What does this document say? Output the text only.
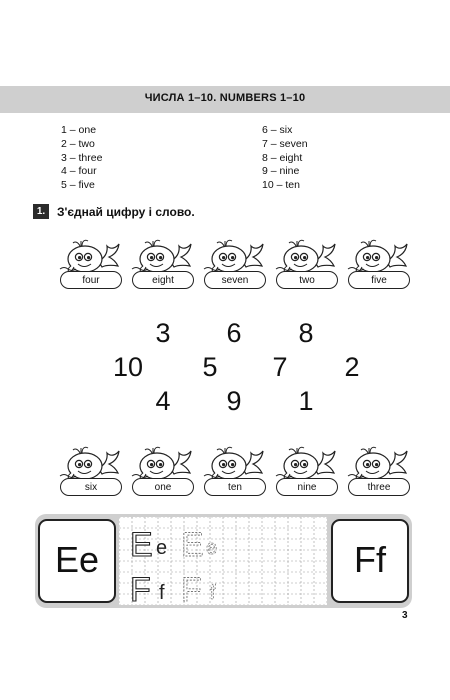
ЧИСЛА 1–10. NUMBERS 1–10
1 – one
2 – two
3 – three
4 – four
5 – five
6 – six
7 – seven
8 – eight
9 – nine
10 – ten
1. З'єднай цифру і слово.
four	eight	seven	two	five
3	6	8
10	5	7	2
4	9	1
six	one	ten	nine	three
Ee	Ff
E e E e
F f F f
3
